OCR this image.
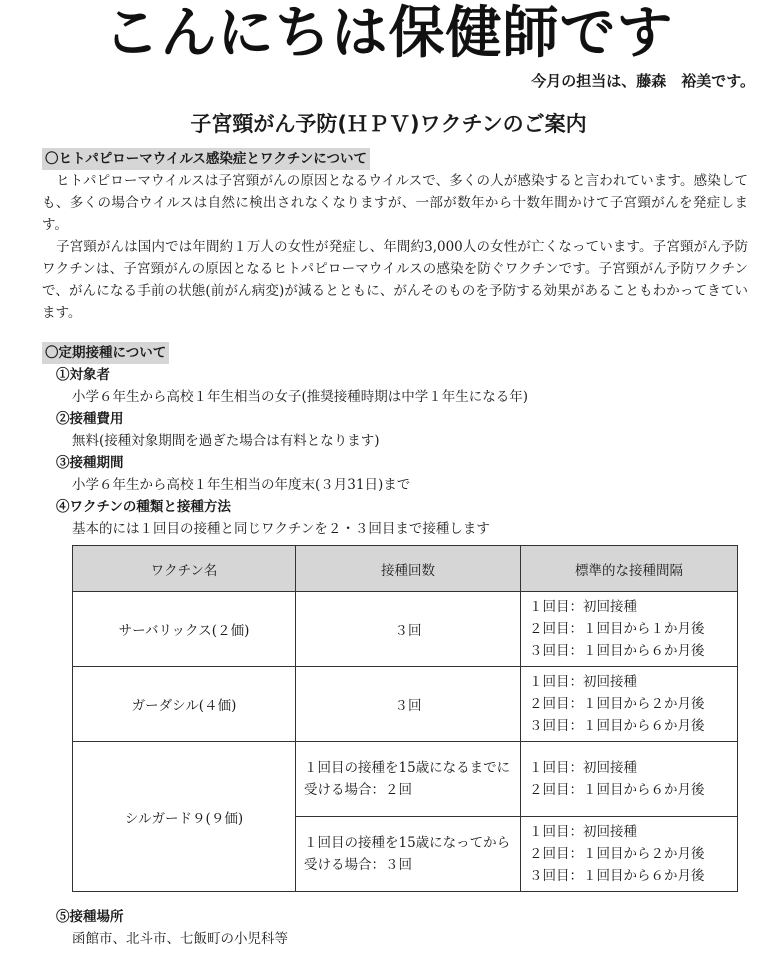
こんにちは保健師です
今月の担当は、藤森　裕美です。
子宮頸がん予防(ＨＰＶ)ワクチンのご案内
〇ヒトパピローマウイルス感染症とワクチンについて

ヒトパピローマウイルスは子宮頸がんの原因となるウイルスで、多くの人が感染すると言われています。感染しても、多くの場合ウイルスは自然に検出されなくなりますが、一部が数年から十数年間かけて子宮頸がんを発症します。

子宮頸がんは国内では年間約１万人の女性が発症し、年間約3,000人の女性が亡くなっています。子宮頸がん予防ワクチンは、子宮頸がんの原因となるヒトパピローマウイルスの感染を防ぐワクチンです。子宮頸がん予防ワクチンで、がんになる手前の状態(前がん病変)が減るとともに、がんそのものを予防する効果があることもわかってきています。

〇定期接種について
①対象者
小学６年生から高校１年生相当の女子(推奨接種時期は中学１年生になる年)
②接種費用
無料(接種対象期間を過ぎた場合は有料となります)
③接種期間
小学６年生から高校１年生相当の年度末(３月31日)まで
④ワクチンの種類と接種方法
基本的には１回目の接種と同じワクチンを２・３回目まで接種します
ワクチン名	接種回数	標準的な接種間隔
サーバリックス(２価)	３回	１回目：初回接種
２回目：１回目から１か月後
３回目：１回目から６か月後

ガーダシル(４価)	３回	１回目：初回接種
２回目：１回目から２か月後
３回目：１回目から６か月後

シルガード９(９価)	１回目の接種を15歳になるまでに受ける場合：２回	１回目：初回接種
２回目：１回目から６か月後

	１回目の接種を15歳になってから受ける場合：３回	１回目：初回接種
２回目：１回目から２か月後
３回目：１回目から６か月後
⑤接種場所
函館市、北斗市、七飯町の小児科等
